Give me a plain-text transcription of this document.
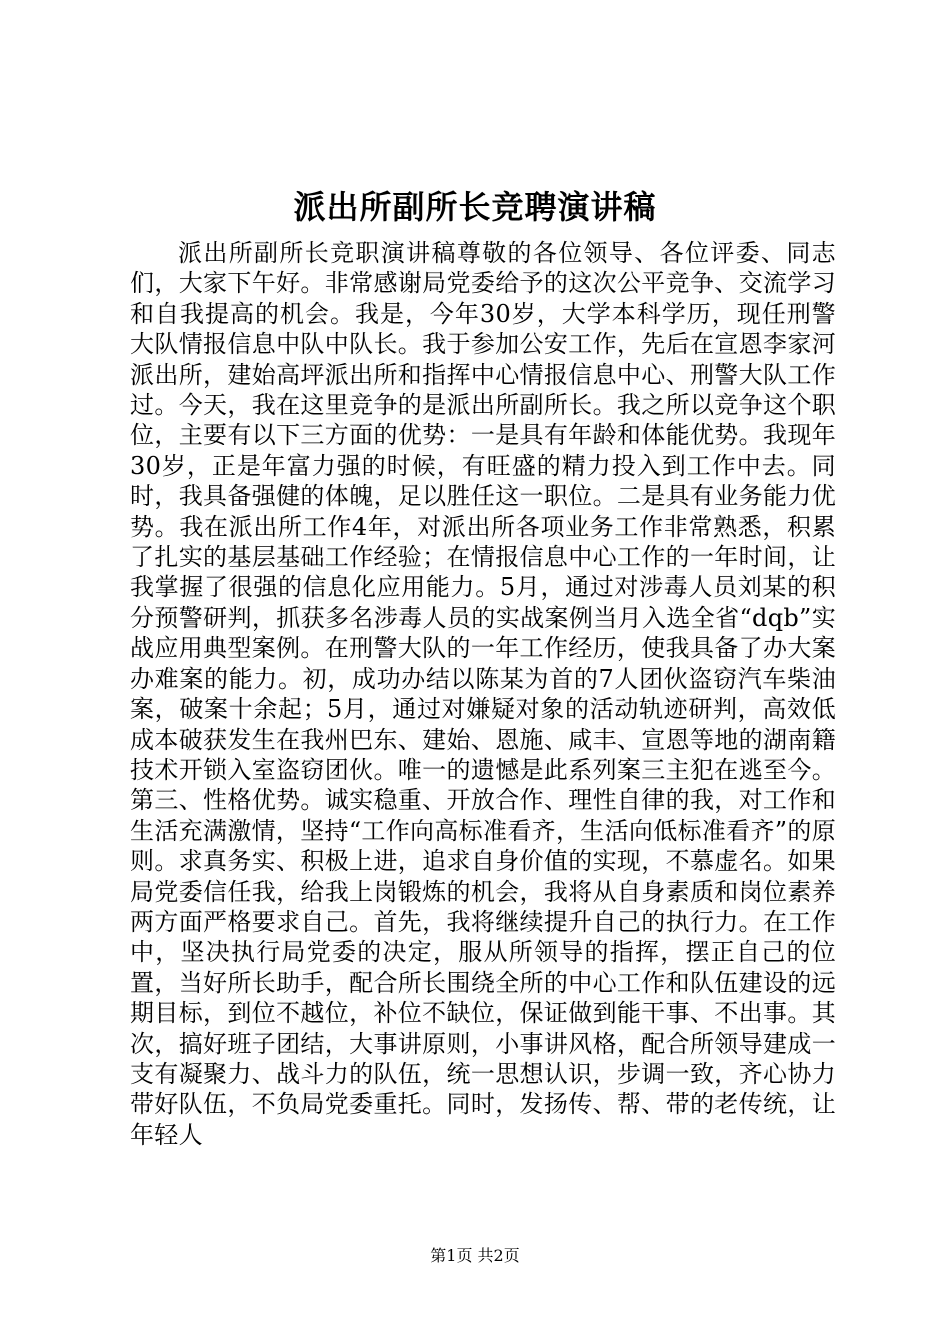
派出所副所长竞聘演讲稿

派出所副所长竞职演讲稿尊敬的各位领导、各位评委、同志们，大家下午好。非常感谢局党委给予的这次公平竞争、交流学习和自我提高的机会。我是，今年30岁，大学本科学历，现任刑警大队情报信息中队中队长。我于参加公安工作，先后在宣恩李家河派出所，建始高坪派出所和指挥中心情报信息中心、刑警大队工作过。今天，我在这里竞争的是派出所副所长。我之所以竞争这个职位，主要有以下三方面的优势：一是具有年龄和体能优势。我现年30岁，正是年富力强的时候，有旺盛的精力投入到工作中去。同时，我具备强健的体魄，足以胜任这一职位。二是具有业务能力优势。我在派出所工作4年，对派出所各项业务工作非常熟悉，积累了扎实的基层基础工作经验；在情报信息中心工作的一年时间，让我掌握了很强的信息化应用能力。5月，通过对涉毒人员刘某的积分预警研判，抓获多名涉毒人员的实战案例当月入选全省“dqb”实战应用典型案例。在刑警大队的一年工作经历，使我具备了办大案办难案的能力。初，成功办结以陈某为首的7人团伙盗窃汽车柴油案，破案十余起；5月，通过对嫌疑对象的活动轨迹研判，高效低成本破获发生在我州巴东、建始、恩施、咸丰、宣恩等地的湖南籍技术开锁入室盗窃团伙。唯一的遗憾是此系列案三主犯在逃至今。第三、性格优势。诚实稳重、开放合作、理性自律的我，对工作和生活充满激情，坚持“工作向高标准看齐，生活向低标准看齐”的原则。求真务实、积极上进，追求自身价值的实现，不慕虚名。如果局党委信任我，给我上岗锻炼的机会，我将从自身素质和岗位素养两方面严格要求自己。首先，我将继续提升自己的执行力。在工作中，坚决执行局党委的决定，服从所领导的指挥，摆正自己的位置，当好所长助手，配合所长围绕全所的中心工作和队伍建设的远期目标，到位不越位，补位不缺位，保证做到能干事、不出事。其次，搞好班子团结，大事讲原则，小事讲风格，配合所领导建成一支有凝聚力、战斗力的队伍，统一思想认识，步调一致，齐心协力带好队伍，不负局党委重托。同时，发扬传、帮、带的老传统，让年轻人

第1页 共2页
